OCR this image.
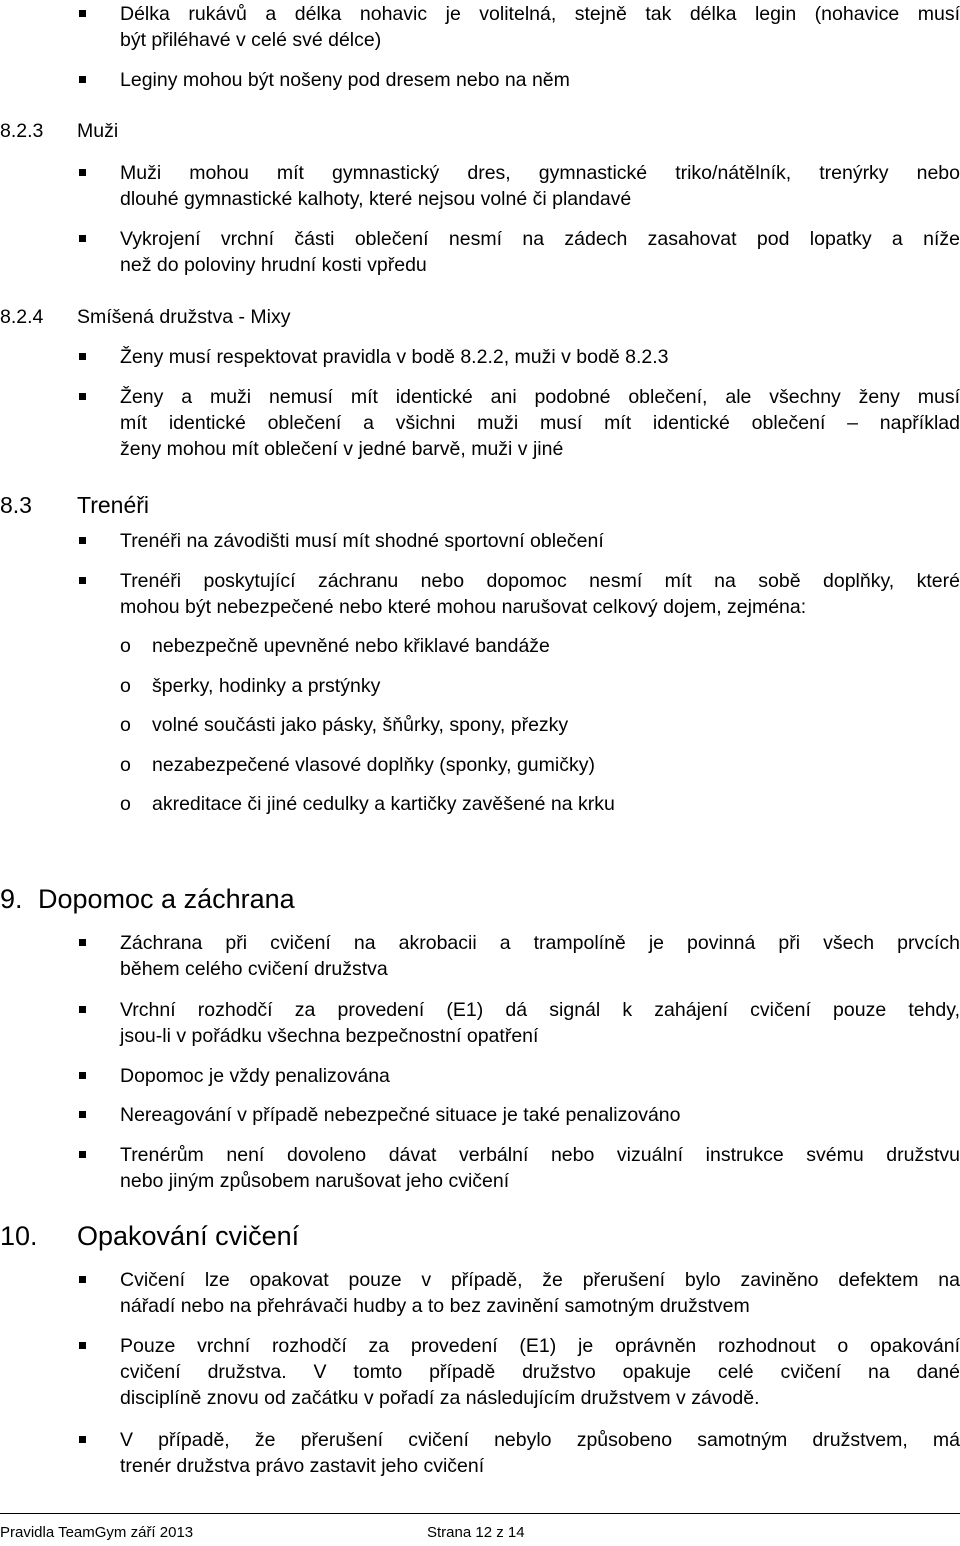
Délka rukávů a délka nohavic je volitelná, stejně tak délka legin (nohavice musí
být přiléhavé v celé své délce)
Leginy mohou být nošeny pod dresem nebo na něm
8.2.3 Muži
Muži mohou mít gymnastický dres, gymnastické triko/nátělník, trenýrky nebo
dlouhé gymnastické kalhoty, které nejsou volné či plandavé
Vykrojení vrchní části oblečení nesmí na zádech zasahovat pod lopatky a níže
než do poloviny hrudní kosti vpředu
8.2.4 Smíšená družstva - Mixy
Ženy musí respektovat pravidla v bodě 8.2.2, muži v bodě 8.2.3
Ženy a muži nemusí mít identické ani podobné oblečení, ale všechny ženy musí
mít identické oblečení a všichni muži musí mít identické oblečení – například
ženy mohou mít oblečení v jedné barvě, muži v jiné
8.3 Trenéři
Trenéři na závodišti musí mít shodné sportovní oblečení
Trenéři poskytující záchranu nebo dopomoc nesmí mít na sobě doplňky, které
mohou být nebezpečené nebo které mohou narušovat celkový dojem, zejména:
o nebezpečně upevněné nebo křiklavé bandáže
o šperky, hodinky a prstýnky
o volné součásti jako pásky, šňůrky, spony, přezky
o nezabezpečené vlasové doplňky (sponky, gumičky)
o akreditace či jiné cedulky a kartičky zavěšené na krku
9. Dopomoc a záchrana
Záchrana při cvičení na akrobacii a trampolíně je povinná při všech prvcích
během celého cvičení družstva
Vrchní rozhodčí za provedení (E1) dá signál k zahájení cvičení pouze tehdy,
jsou-li v pořádku všechna bezpečnostní opatření
Dopomoc je vždy penalizována
Nereagování v případě nebezpečné situace je také penalizováno
Trenérům není dovoleno dávat verbální nebo vizuální instrukce svému družstvu
nebo jiným způsobem narušovat jeho cvičení
10. Opakování cvičení
Cvičení lze opakovat pouze v případě, že přerušení bylo zaviněno defektem na
nářadí nebo na přehrávači hudby a to bez zavinění samotným družstvem
Pouze vrchní rozhodčí za provedení (E1) je oprávněn rozhodnout o opakování
cvičení družstva. V tomto případě družstvo opakuje celé cvičení na dané
disciplíně znovu od začátku v pořadí za následujícím družstvem v závodě.
V případě, že přerušení cvičení nebylo způsobeno samotným družstvem, má
trenér družstva právo zastavit jeho cvičení
Pravidla TeamGym září 2013	Strana 12 z 14
